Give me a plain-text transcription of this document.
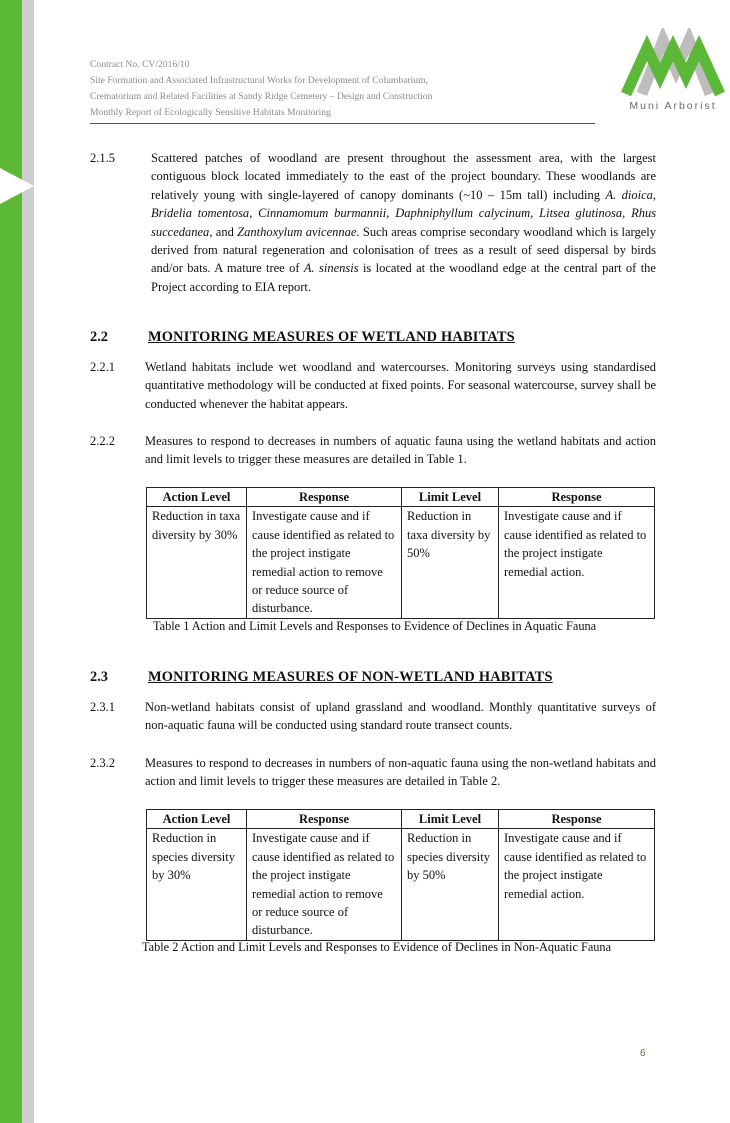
Contract No. CV/2016/10
Site Formation and Associated Infrastructural Works for Development of Columbarium,
Crematorium and Related Facilities at Sandy Ridge Cemetery – Design and Construction
Monthly Report of Ecologically Sensitive Habitats Monitoring
Muni Arborist
2.1.5	Scattered patches of woodland are present throughout the assessment area, with the largest contiguous block located immediately to the east of the project boundary. These woodlands are relatively young with single-layered of canopy dominants (~10 – 15m tall) including A. dioica, Bridelia tomentosa, Cinnamomum burmannii, Daphniphyllum calycinum, Litsea glutinosa, Rhus succedanea, and Zanthoxylum avicennae. Such areas comprise secondary woodland which is largely derived from natural regeneration and colonisation of trees as a result of seed dispersal by birds and/or bats. A mature tree of A. sinensis is located at the woodland edge at the central part of the Project according to EIA report.
2.2	MONITORING MEASURES OF WETLAND HABITATS
2.2.1 Wetland habitats include wet woodland and watercourses. Monitoring surveys using standardised quantitative methodology will be conducted at fixed points. For seasonal watercourse, survey shall be conducted whenever the habitat appears.
2.2.2 Measures to respond to decreases in numbers of aquatic fauna using the wetland habitats and action and limit levels to trigger these measures are detailed in Table 1.
Action Level	Response	Limit Level	Response
Reduction in taxa diversity by 30%	Investigate cause and if cause identified as related to the project instigate remedial action to remove or reduce source of disturbance.	Reduction in taxa diversity by 50%	Investigate cause and if cause identified as related to the project instigate remedial action.
Table 1 Action and Limit Levels and Responses to Evidence of Declines in Aquatic Fauna
2.3	MONITORING MEASURES OF NON-WETLAND HABITATS
2.3.1 Non-wetland habitats consist of upland grassland and woodland. Monthly quantitative surveys of non-aquatic fauna will be conducted using standard route transect counts.
2.3.2 Measures to respond to decreases in numbers of non-aquatic fauna using the non-wetland habitats and action and limit levels to trigger these measures are detailed in Table 2.
Action Level	Response	Limit Level	Response
Reduction in species diversity by 30%	Investigate cause and if cause identified as related to the project instigate remedial action to remove or reduce source of disturbance.	Reduction in species diversity by 50%	Investigate cause and if cause identified as related to the project instigate remedial action.
Table 2 Action and Limit Levels and Responses to Evidence of Declines in Non-Aquatic Fauna
6
